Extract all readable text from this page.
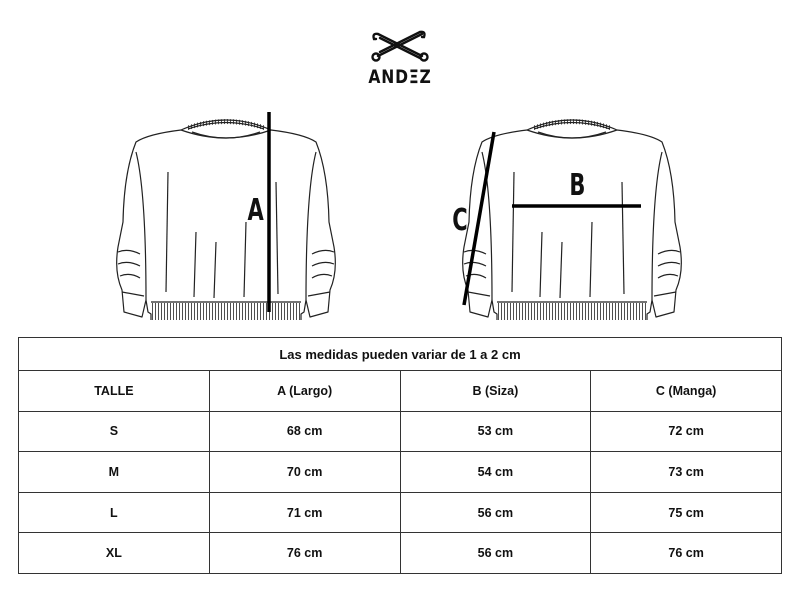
ANDΞZ
A
B
C
Las medidas pueden variar de 1 a 2 cm			
TALLE	A (Largo)	B (Siza)	C (Manga)
S	68 cm	53 cm	72 cm
M	70 cm	54 cm	73 cm
L	71 cm	56 cm	75 cm
XL	76 cm	56 cm	76 cm
